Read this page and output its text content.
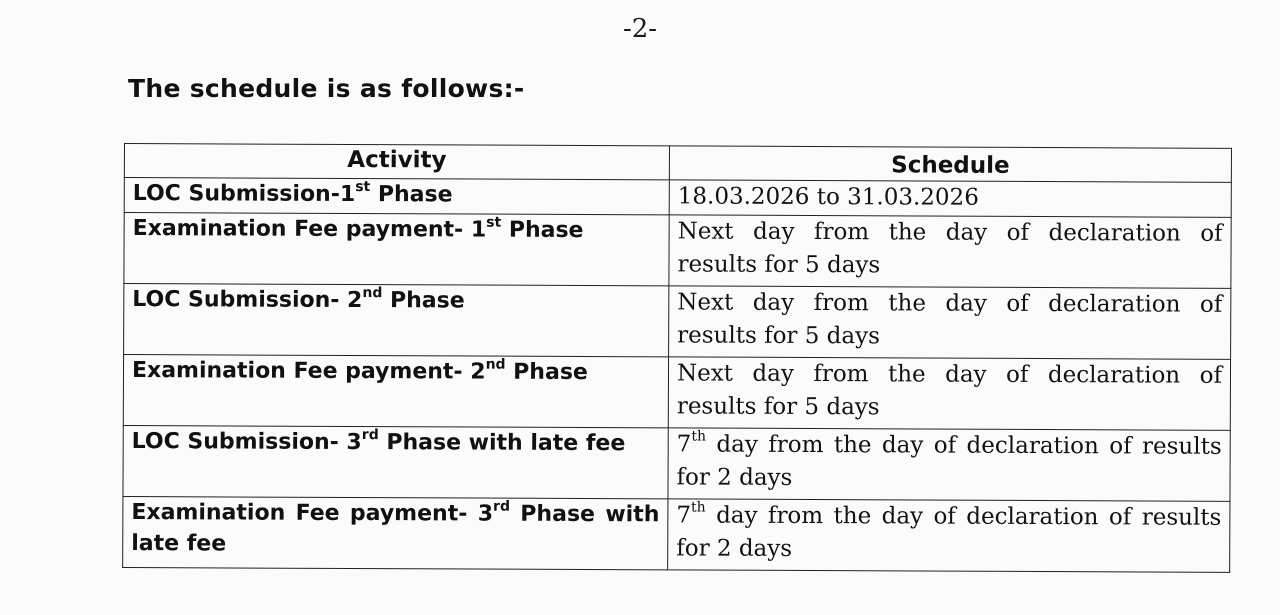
-2-
The schedule is as follows:-
Activity	Schedule
LOC Submission-1st Phase	18.03.2026 to 31.03.2026
Examination Fee payment- 1st Phase	Next day from the day of declaration of results for 5 days
LOC Submission- 2nd Phase	Next day from the day of declaration of results for 5 days
Examination Fee payment- 2nd Phase	Next day from the day of declaration of results for 5 days
LOC Submission- 3rd Phase with late fee	7th day from the day of declaration of results for 2 days
Examination Fee payment- 3rd Phase with late fee	7th day from the day of declaration of results for 2 days
